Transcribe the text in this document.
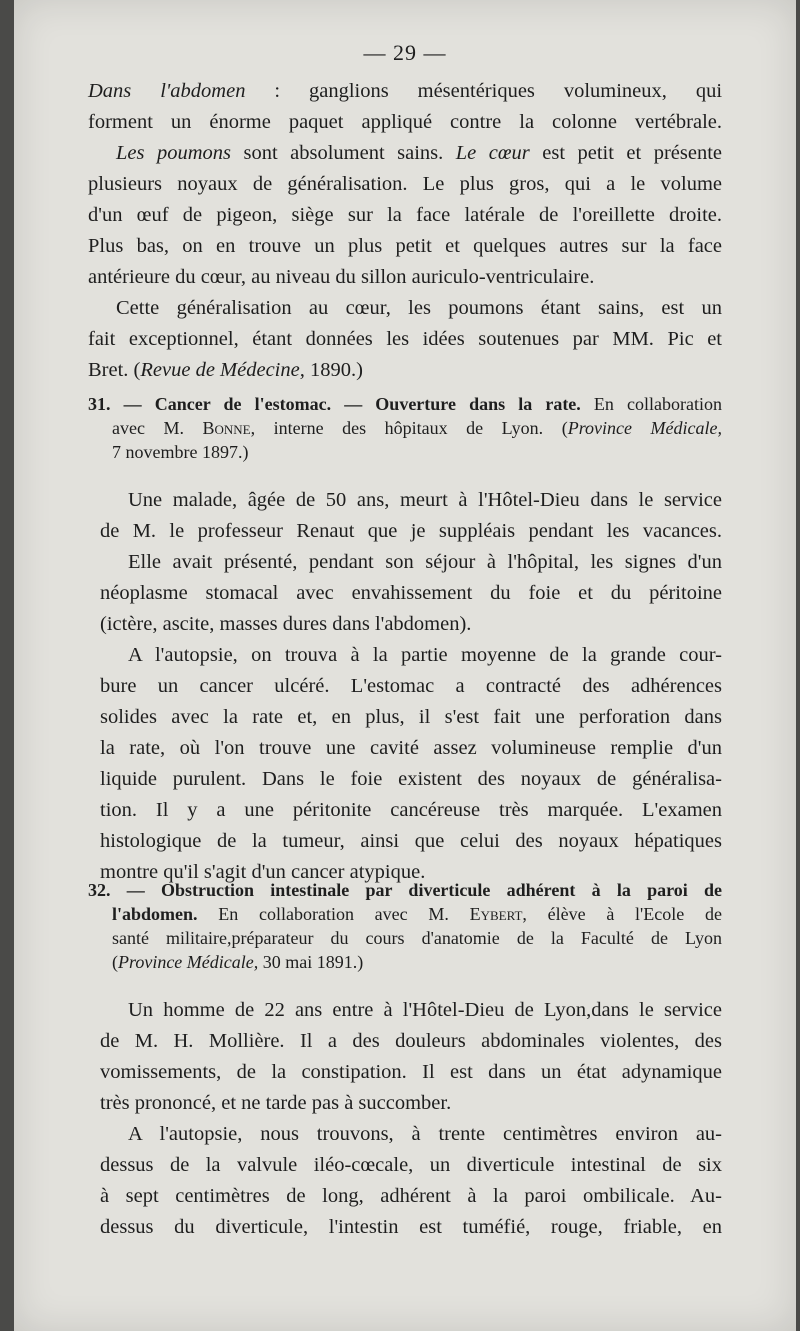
— 29 —
Dans l'abdomen : ganglions mésentériques volumineux, qui
forment un énorme paquet appliqué contre la colonne vertébrale.
Les poumons sont absolument sains. Le cœur est petit et présente
plusieurs noyaux de généralisation. Le plus gros, qui a le volume
d'un œuf de pigeon, siège sur la face latérale de l'oreillette droite.
Plus bas, on en trouve un plus petit et quelques autres sur la face
antérieure du cœur, au niveau du sillon auriculo-ventriculaire.
Cette généralisation au cœur, les poumons étant sains, est un
fait exceptionnel, étant données les idées soutenues par MM. Pic et
Bret. (Revue de Médecine, 1890.)
31. — Cancer de l'estomac. — Ouverture dans la rate. En collaboration
avec M. Bonne, interne des hôpitaux de Lyon. (Province Médicale,
7 novembre 1897.)
Une malade, âgée de 50 ans, meurt à l'Hôtel-Dieu dans le service
de M. le professeur Renaut que je suppléais pendant les vacances.
Elle avait présenté, pendant son séjour à l'hôpital, les signes d'un
néoplasme stomacal avec envahissement du foie et du péritoine
(ictère, ascite, masses dures dans l'abdomen).
A l'autopsie, on trouva à la partie moyenne de la grande cour-
bure un cancer ulcéré. L'estomac a contracté des adhérences
solides avec la rate et, en plus, il s'est fait une perforation dans
la rate, où l'on trouve une cavité assez volumineuse remplie d'un
liquide purulent. Dans le foie existent des noyaux de généralisa-
tion. Il y a une péritonite cancéreuse très marquée. L'examen
histologique de la tumeur, ainsi que celui des noyaux hépatiques
montre qu'il s'agit d'un cancer atypique.
32. — Obstruction intestinale par diverticule adhérent à la paroi de
l'abdomen. En collaboration avec M. Eybert, élève à l'Ecole de
santé militaire,préparateur du cours d'anatomie de la Faculté de Lyon
(Province Médicale, 30 mai 1891.)
Un homme de 22 ans entre à l'Hôtel-Dieu de Lyon,dans le service
de M. H. Mollière. Il a des douleurs abdominales violentes, des
vomissements, de la constipation. Il est dans un état adynamique
très prononcé, et ne tarde pas à succomber.
A l'autopsie, nous trouvons, à trente centimètres environ au-
dessus de la valvule iléo-cœcale, un diverticule intestinal de six
à sept centimètres de long, adhérent à la paroi ombilicale. Au-
dessus du diverticule, l'intestin est tuméfié, rouge, friable, en
